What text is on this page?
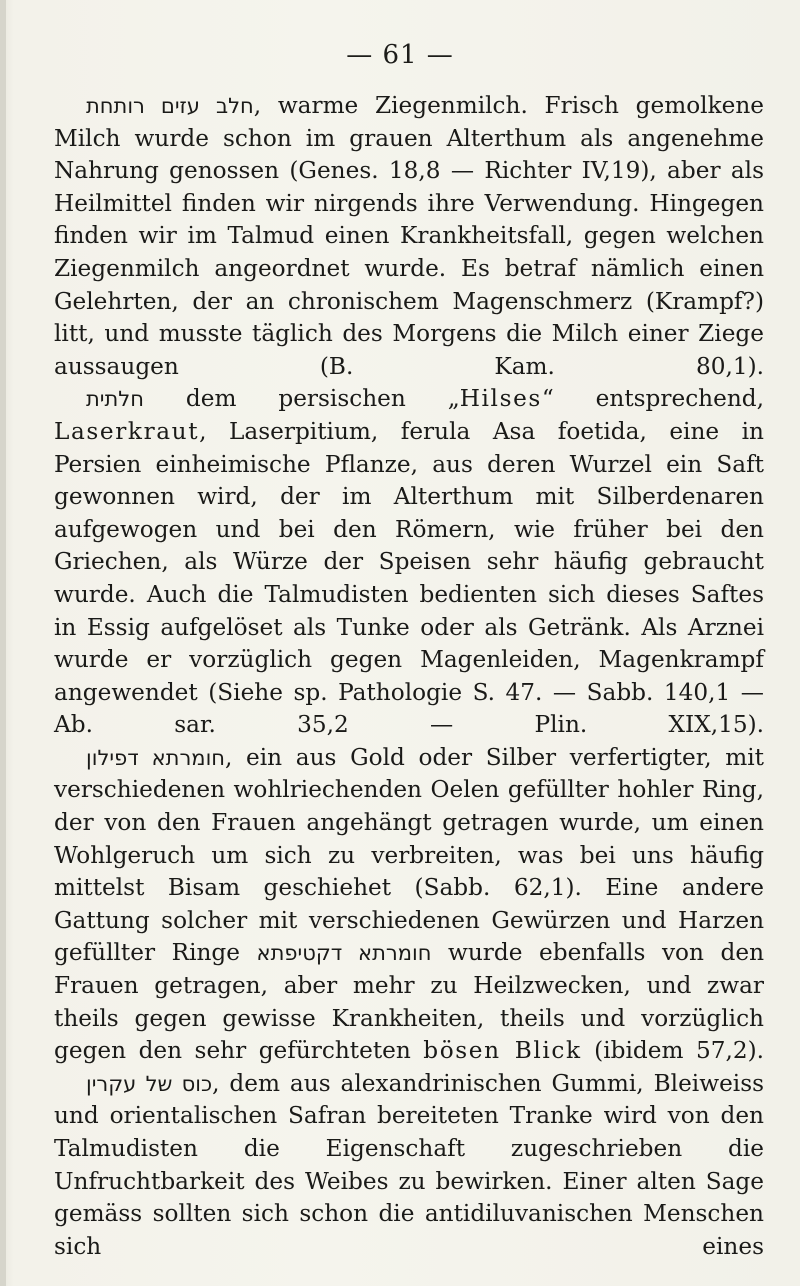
— 61 —

חלב עזים רותחת, warme Ziegenmilch. Frisch gemolkene Milch wurde schon im grauen Alterthum als angenehme Nahrung genossen (Genes. 18,8 — Richter IV,19), aber als Heilmittel finden wir nirgends ihre Verwendung. Hingegen finden wir im Talmud einen Krankheitsfall, gegen welchen Ziegenmilch angeordnet wurde. Es betraf nämlich einen Gelehrten, der an chronischem Magenschmerz (Krampf?) litt, und musste täglich des Morgens die Milch einer Ziege aussaugen (B. Kam. 80,1).

חלתית dem persischen „Hilses“ entsprechend, Laserkraut, Laserpitium, ferula Asa foetida, eine in Persien einheimische Pflanze, aus deren Wurzel ein Saft gewonnen wird, der im Alterthum mit Silberdenaren aufgewogen und bei den Römern, wie früher bei den Griechen, als Würze der Speisen sehr häufig gebraucht wurde. Auch die Talmudisten bedienten sich dieses Saftes in Essig aufgelöset als Tunke oder als Getränk. Als Arznei wurde er vorzüglich gegen Magenleiden, Magenkrampf angewendet (Siehe sp. Pathologie S. 47. — Sabb. 140,1 — Ab. sar. 35,2 — Plin. XIX,15).

חומרתא דפילון, ein aus Gold oder Silber verfertigter, mit verschiedenen wohlriechenden Oelen gefüllter hohler Ring, der von den Frauen angehängt getragen wurde, um einen Wohlgeruch um sich zu verbreiten, was bei uns häufig mittelst Bisam geschiehet (Sabb. 62,1). Eine andere Gattung solcher mit verschiedenen Gewürzen und Harzen gefüllter Ringe חומרתא דקטיפתא wurde ebenfalls von den Frauen getragen, aber mehr zu Heilzwecken, und zwar theils gegen gewisse Krankheiten, theils und vorzüglich gegen den sehr gefürchteten bösen Blick (ibidem 57,2).

כוס של עקרין, dem aus alexandrinischen Gummi, Bleiweiss und orientalischen Safran bereiteten Tranke wird von den Talmudisten die Eigenschaft zugeschrieben die Unfruchtbarkeit des Weibes zu bewirken. Einer alten Sage gemäss sollten sich schon die antidiluvanischen Menschen sich eines
